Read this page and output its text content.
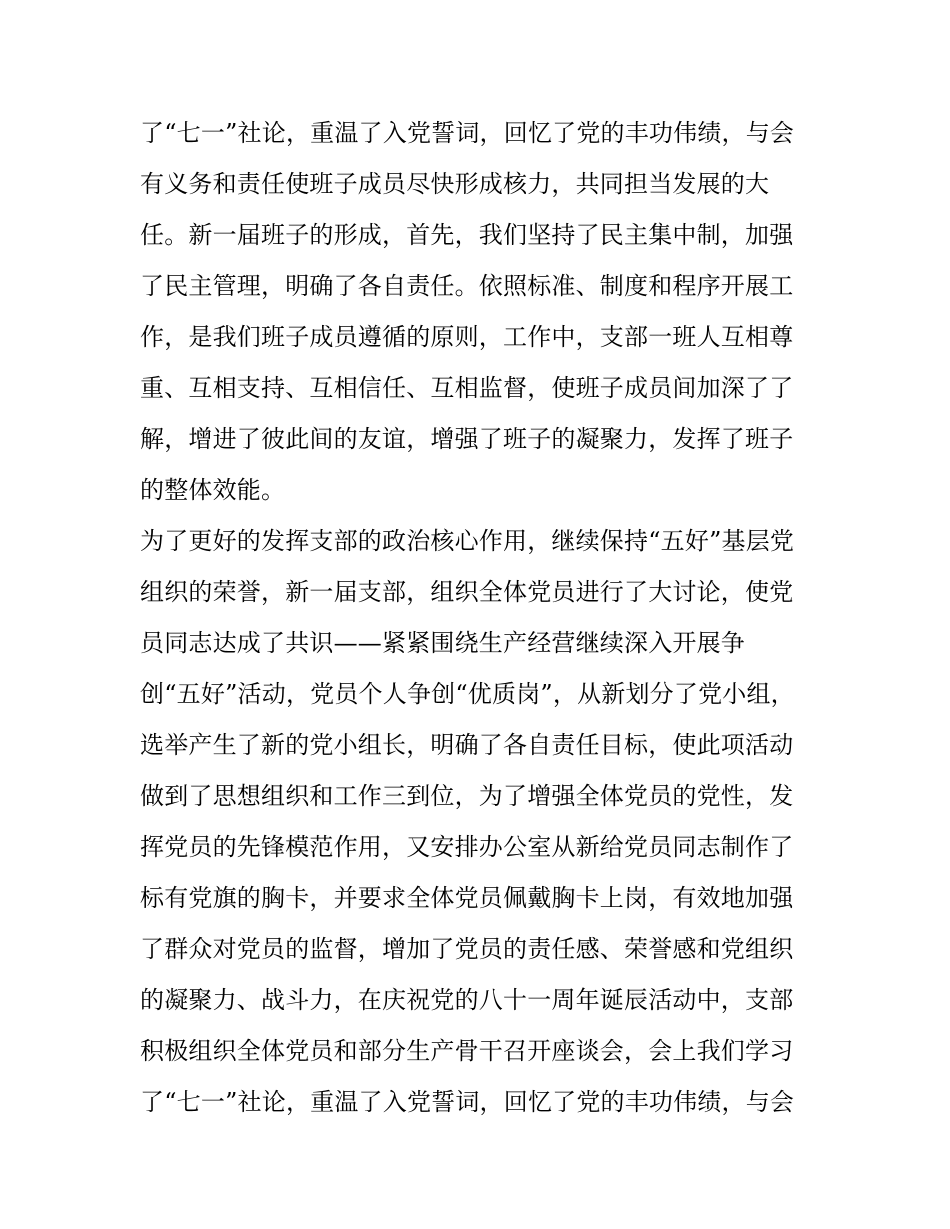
了“七一”社论，重温了入党誓词，回忆了党的丰功伟绩，与会
有义务和责任使班子成员尽快形成核力，共同担当发展的大
任。新一届班子的形成，首先，我们坚持了民主集中制，加强
了民主管理，明确了各自责任。依照标准、制度和程序开展工
作，是我们班子成员遵循的原则，工作中，支部一班人互相尊
重、互相支持、互相信任、互相监督，使班子成员间加深了了
解，增进了彼此间的友谊，增强了班子的凝聚力，发挥了班子
的整体效能。
为了更好的发挥支部的政治核心作用，继续保持“五好”基层党
组织的荣誉，新一届支部，组织全体党员进行了大讨论，使党
员同志达成了共识——紧紧围绕生产经营继续深入开展争
创“五好”活动，党员个人争创“优质岗”，从新划分了党小组，
选举产生了新的党小组长，明确了各自责任目标，使此项活动
做到了思想组织和工作三到位，为了增强全体党员的党性，发
挥党员的先锋模范作用，又安排办公室从新给党员同志制作了
标有党旗的胸卡，并要求全体党员佩戴胸卡上岗，有效地加强
了群众对党员的监督，增加了党员的责任感、荣誉感和党组织
的凝聚力、战斗力，在庆祝党的八十一周年诞辰活动中，支部
积极组织全体党员和部分生产骨干召开座谈会，会上我们学习
了“七一”社论，重温了入党誓词，回忆了党的丰功伟绩，与会
